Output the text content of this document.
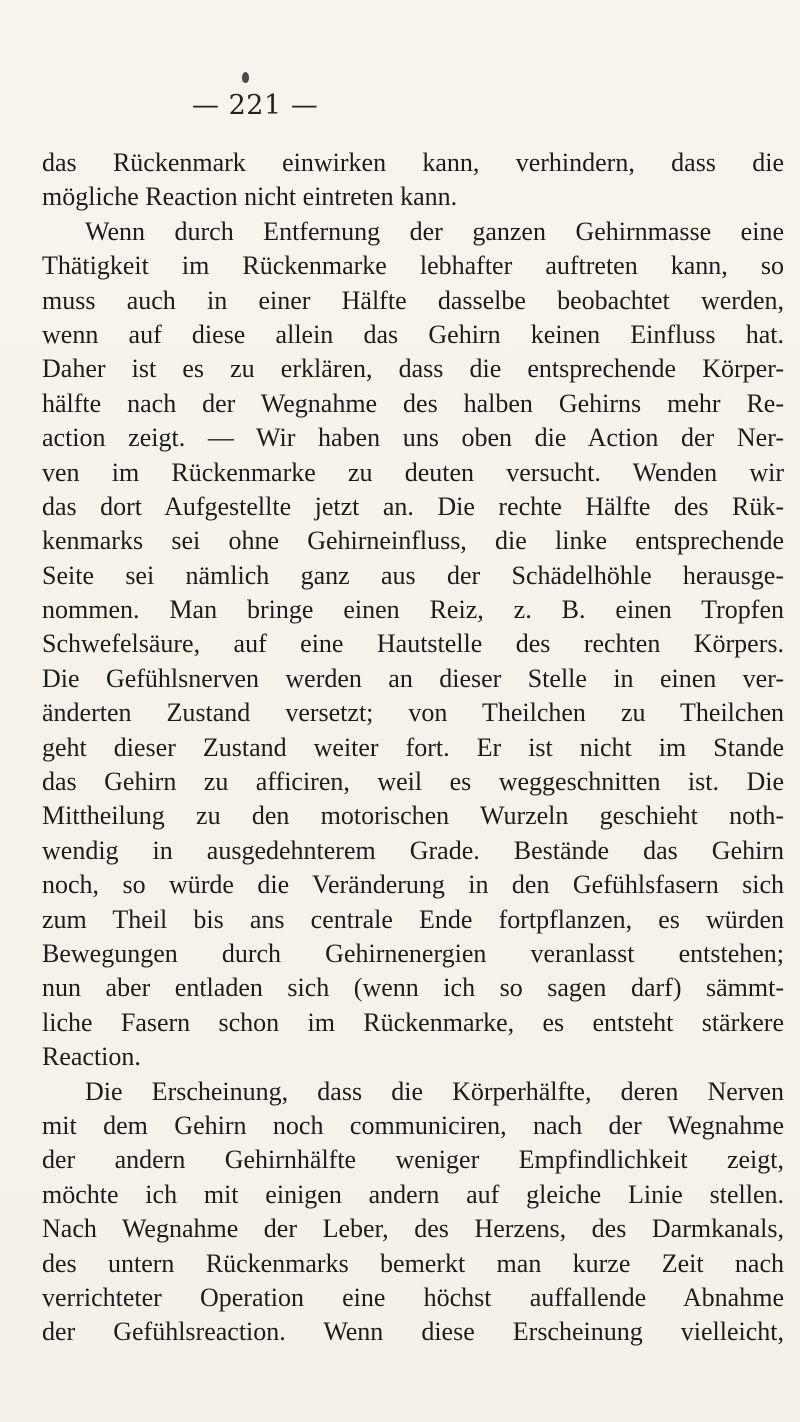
— 221 —
das Rückenmark einwirken kann, verhindern, dass die
mögliche Reaction nicht eintreten kann.
Wenn durch Entfernung der ganzen Gehirnmasse eine
Thätigkeit im Rückenmarke lebhafter auftreten kann, so
muss auch in einer Hälfte dasselbe beobachtet werden,
wenn auf diese allein das Gehirn keinen Einfluss hat.
Daher ist es zu erklären, dass die entsprechende Körper-
hälfte nach der Wegnahme des halben Gehirns mehr Re-
action zeigt. — Wir haben uns oben die Action der Ner-
ven im Rückenmarke zu deuten versucht. Wenden wir
das dort Aufgestellte jetzt an. Die rechte Hälfte des Rük-
kenmarks sei ohne Gehirneinfluss, die linke entsprechende
Seite sei nämlich ganz aus der Schädelhöhle herausge-
nommen. Man bringe einen Reiz, z. B. einen Tropfen
Schwefelsäure, auf eine Hautstelle des rechten Körpers.
Die Gefühlsnerven werden an dieser Stelle in einen ver-
änderten Zustand versetzt; von Theilchen zu Theilchen
geht dieser Zustand weiter fort. Er ist nicht im Stande
das Gehirn zu afficiren, weil es weggeschnitten ist. Die
Mittheilung zu den motorischen Wurzeln geschieht noth-
wendig in ausgedehnterem Grade. Bestände das Gehirn
noch, so würde die Veränderung in den Gefühlsfasern sich
zum Theil bis ans centrale Ende fortpflanzen, es würden
Bewegungen durch Gehirnenergien veranlasst entstehen;
nun aber entladen sich (wenn ich so sagen darf) sämmt-
liche Fasern schon im Rückenmarke, es entsteht stärkere
Reaction.
Die Erscheinung, dass die Körperhälfte, deren Nerven
mit dem Gehirn noch communiciren, nach der Wegnahme
der andern Gehirnhälfte weniger Empfindlichkeit zeigt,
möchte ich mit einigen andern auf gleiche Linie stellen.
Nach Wegnahme der Leber, des Herzens, des Darmkanals,
des untern Rückenmarks bemerkt man kurze Zeit nach
verrichteter Operation eine höchst auffallende Abnahme
der Gefühlsreaction. Wenn diese Erscheinung vielleicht,
